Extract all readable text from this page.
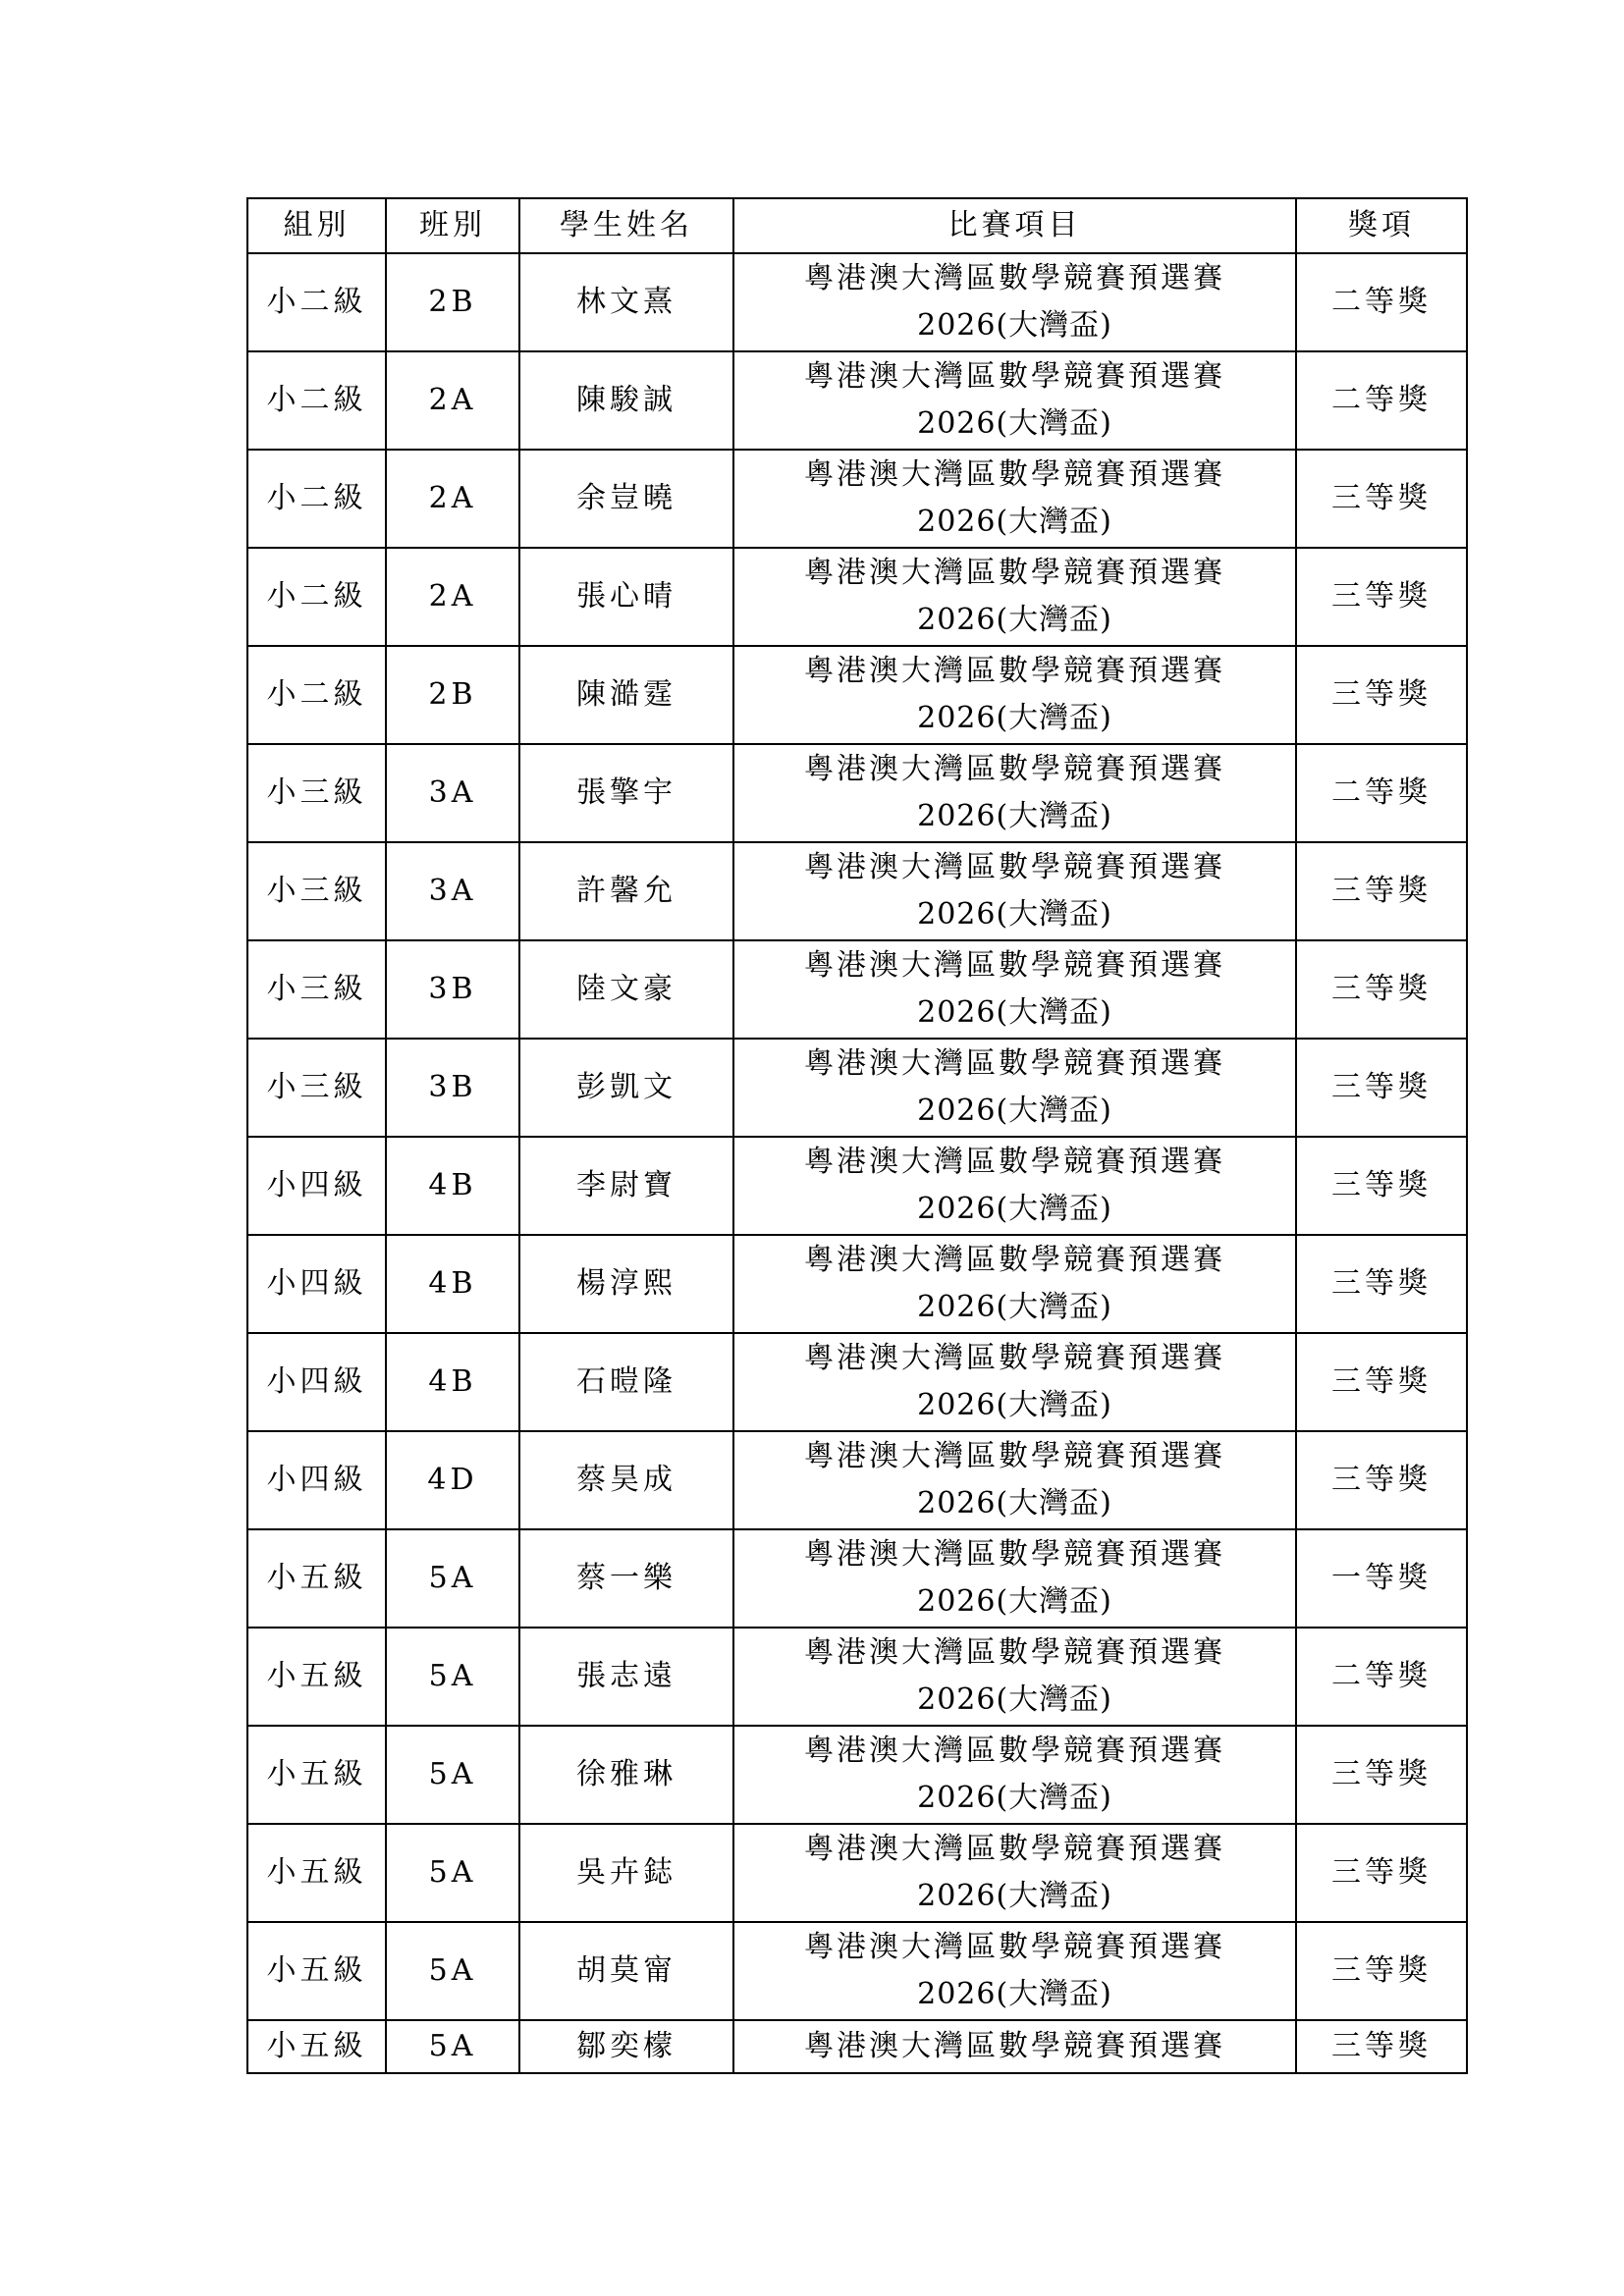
組別	班別	學生姓名	比賽項目	獎項
小二級	2B	林文熹	粵港澳大灣區數學競賽預選賽
2026(大灣盃)	二等獎
小二級	2A	陳駿誠	粵港澳大灣區數學競賽預選賽
2026(大灣盃)	二等獎
小二級	2A	余豈曉	粵港澳大灣區數學競賽預選賽
2026(大灣盃)	三等獎
小二級	2A	張心晴	粵港澳大灣區數學競賽預選賽
2026(大灣盃)	三等獎
小二級	2B	陳澔霆	粵港澳大灣區數學競賽預選賽
2026(大灣盃)	三等獎
小三級	3A	張擎宇	粵港澳大灣區數學競賽預選賽
2026(大灣盃)	二等獎
小三級	3A	許馨允	粵港澳大灣區數學競賽預選賽
2026(大灣盃)	三等獎
小三級	3B	陸文豪	粵港澳大灣區數學競賽預選賽
2026(大灣盃)	三等獎
小三級	3B	彭凱文	粵港澳大灣區數學競賽預選賽
2026(大灣盃)	三等獎
小四級	4B	李尉寶	粵港澳大灣區數學競賽預選賽
2026(大灣盃)	三等獎
小四級	4B	楊淳熙	粵港澳大灣區數學競賽預選賽
2026(大灣盃)	三等獎
小四級	4B	石暟隆	粵港澳大灣區數學競賽預選賽
2026(大灣盃)	三等獎
小四級	4D	蔡昊成	粵港澳大灣區數學競賽預選賽
2026(大灣盃)	三等獎
小五級	5A	蔡一樂	粵港澳大灣區數學競賽預選賽
2026(大灣盃)	一等獎
小五級	5A	張志遠	粵港澳大灣區數學競賽預選賽
2026(大灣盃)	二等獎
小五級	5A	徐雅琳	粵港澳大灣區數學競賽預選賽
2026(大灣盃)	三等獎
小五級	5A	吳卉鋕	粵港澳大灣區數學競賽預選賽
2026(大灣盃)	三等獎
小五級	5A	胡莫甯	粵港澳大灣區數學競賽預選賽
2026(大灣盃)	三等獎
小五級	5A	鄒奕檬	粵港澳大灣區數學競賽預選賽	三等獎
